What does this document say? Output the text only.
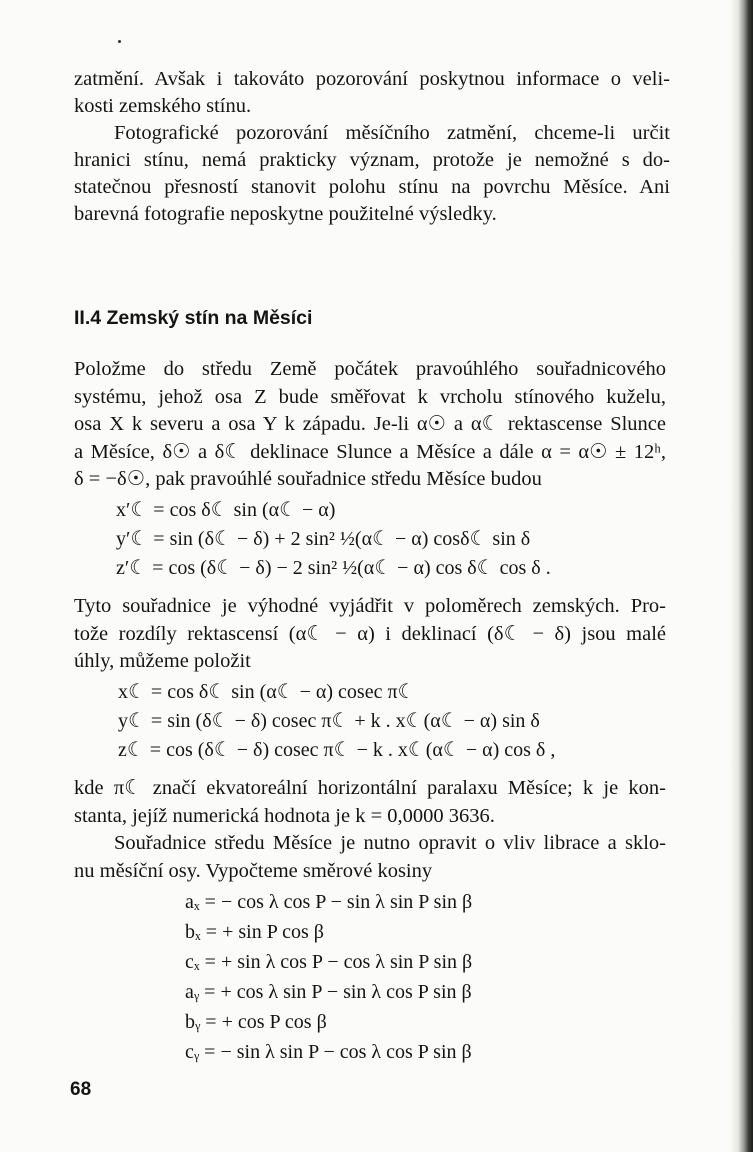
zatmění. Avšak i takováto pozorování poskytnou informace o veli-
kosti zemského stínu.
Fotografické pozorování měsíčního zatmění, chceme-li určit
hranici stínu, nemá prakticky význam, protože je nemožné s do-
statečnou přesností stanovit polohu stínu na povrchu Měsíce. Ani
barevná fotografie neposkytne použitelné výsledky.
II.4 Zemský stín na Měsíci
Položme do středu Země počátek pravoúhlého souřadnicového
systému, jehož osa Z bude směřovat k vrcholu stínového kuželu,
osa X k severu a osa Y k západu. Je-li α☉ a α☾ rektascense Slunce
a Měsíce, δ☉ a δ☾ deklinace Slunce a Měsíce a dále α = α☉ ± 12ʰ,
δ = −δ☉, pak pravoúhlé souřadnice středu Měsíce budou
x′☾ = cos δ☾ sin (α☾ − α)
y′☾ = sin (δ☾ − δ) + 2 sin² ½(α☾ − α) cosδ☾ sin δ
z′☾ = cos (δ☾ − δ) − 2 sin² ½(α☾ − α) cos δ☾ cos δ .
Tyto souřadnice je výhodné vyjádřit v poloměrech zemských. Pro-
tože rozdíly rektascensí (α☾ − α) i deklinací (δ☾ − δ) jsou malé
úhly, můžeme položit
x☾ = cos δ☾ sin (α☾ − α) cosec π☾
y☾ = sin (δ☾ − δ) cosec π☾ + k . x☾(α☾ − α) sin δ
z☾ = cos (δ☾ − δ) cosec π☾ − k . x☾(α☾ − α) cos δ ,
kde π☾ značí ekvatoreální horizontální paralaxu Měsíce; k je kon-
stanta, jejíž numerická hodnota je k = 0,0000 3636.
Souřadnice středu Měsíce je nutno opravit o vliv librace a sklo-
nu měsíční osy. Vypočteme směrové kosiny
aₓ = − cos λ cos P − sin λ sin P sin β
bₓ = + sin P cos β
cₓ = + sin λ cos P − cos λ sin P sin β
aᵧ = + cos λ sin P − sin λ cos P sin β
bᵧ = + cos P cos β
cᵧ = − sin λ sin P − cos λ cos P sin β

68
